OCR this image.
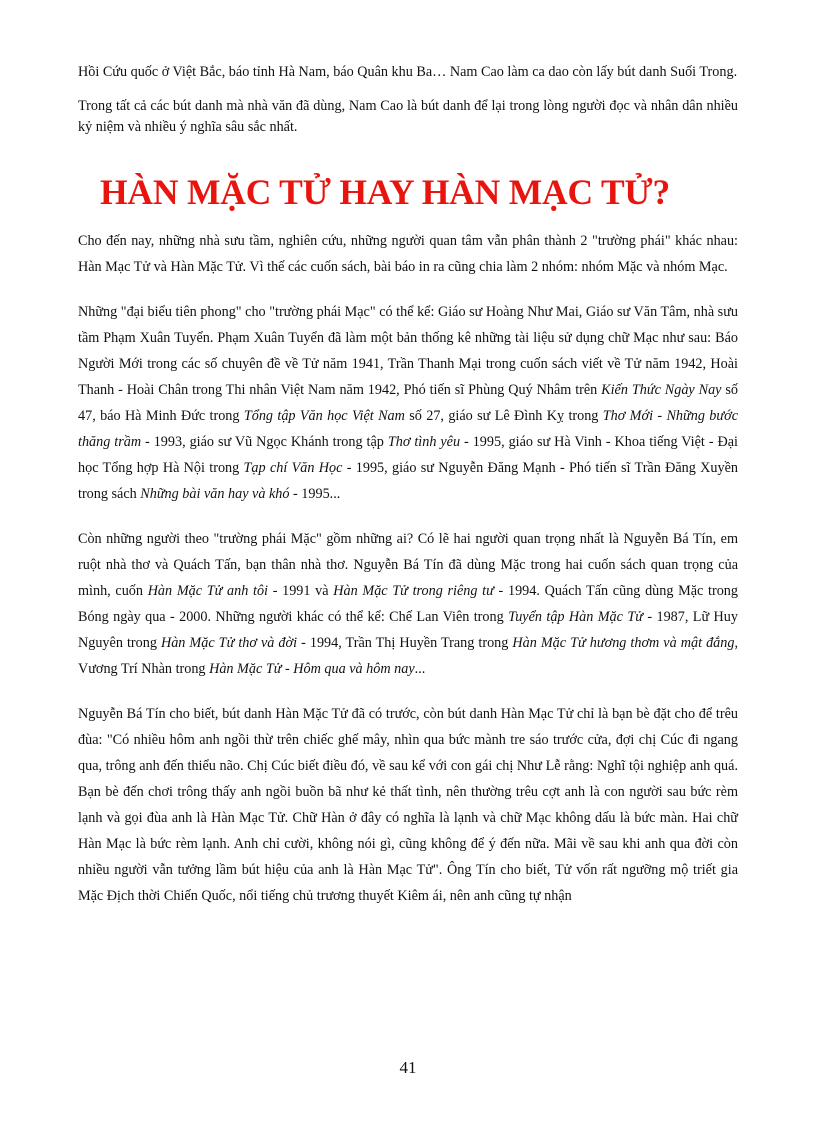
Hồi Cứu quốc ở Việt Bắc, báo tỉnh Hà Nam, báo Quân khu Ba… Nam Cao làm ca dao còn lấy bút danh Suối Trong.

Trong tất cả các bút danh mà nhà văn đã dùng, Nam Cao là bút danh để lại trong lòng người đọc và nhân dân nhiều kỷ niệm và nhiều ý nghĩa sâu sắc nhất.

HÀN MẶC TỬ HAY HÀN MẠC TỬ?

Cho đến nay, những nhà sưu tầm, nghiên cứu, những người quan tâm vẫn phân thành 2 "trường phái" khác nhau: Hàn Mạc Tử và Hàn Mặc Tử. Vì thế các cuốn sách, bài báo in ra cũng chia làm 2 nhóm: nhóm Mặc và nhóm Mạc.

Những "đại biểu tiên phong" cho "trường phái Mạc" có thể kể: Giáo sư Hoàng Như Mai, Giáo sư Văn Tâm, nhà sưu tầm Phạm Xuân Tuyển. Phạm Xuân Tuyển đã làm một bản thống kê những tài liệu sử dụng chữ Mạc như sau: Báo Người Mới trong các số chuyên đề về Tử năm 1941, Trần Thanh Mại trong cuốn sách viết về Tử năm 1942, Hoài Thanh - Hoài Chân trong Thi nhân Việt Nam năm 1942, Phó tiến sĩ Phùng Quý Nhâm trên Kiến Thức Ngày Nay số 47, báo Hà Minh Đức trong Tổng tập Văn học Việt Nam số 27, giáo sư Lê Đình Kỵ trong Thơ Mới - Những bước thăng trầm - 1993, giáo sư Vũ Ngọc Khánh trong tập Thơ tình yêu - 1995, giáo sư Hà Vinh - Khoa tiếng Việt - Đại học Tổng hợp Hà Nội trong Tạp chí Văn Học - 1995, giáo sư Nguyễn Đăng Mạnh - Phó tiến sĩ Trần Đăng Xuyền trong sách Những bài văn hay và khó - 1995...

Còn những người theo "trường phái Mặc" gồm những ai? Có lẽ hai người quan trọng nhất là Nguyễn Bá Tín, em ruột nhà thơ và Quách Tấn, bạn thân nhà thơ. Nguyễn Bá Tín đã dùng Mặc trong hai cuốn sách quan trọng của mình, cuốn Hàn Mặc Tử anh tôi - 1991 và Hàn Mặc Tử trong riêng tư - 1994. Quách Tấn cũng dùng Mặc trong Bóng ngày qua - 2000. Những người khác có thể kể: Chế Lan Viên trong Tuyển tập Hàn Mặc Tử - 1987, Lữ Huy Nguyên trong Hàn Mặc Tử thơ và đời - 1994, Trần Thị Huyền Trang trong Hàn Mặc Tử hương thơm và mật đắng, Vương Trí Nhàn trong Hàn Mặc Tử - Hôm qua và hôm nay...

Nguyễn Bá Tín cho biết, bút danh Hàn Mặc Tử đã có trước, còn bút danh Hàn Mạc Tử chỉ là bạn bè đặt cho để trêu đùa: "Có nhiều hôm anh ngồi thừ trên chiếc ghế mây, nhìn qua bức mành tre sáo trước cửa, đợi chị Cúc đi ngang qua, trông anh đến thiểu não. Chị Cúc biết điều đó, về sau kể với con gái chị Như Lễ rằng: Nghĩ tội nghiệp anh quá. Bạn bè đến chơi trông thấy anh ngồi buồn bã như kẻ thất tình, nên thường trêu cợt anh là con người sau bức rèm lạnh và gọi đùa anh là Hàn Mạc Tử. Chữ Hàn ở đây có nghĩa là lạnh và chữ Mạc không dấu là bức màn. Hai chữ Hàn Mạc là bức rèm lạnh. Anh chỉ cười, không nói gì, cũng không để ý đến nữa. Mãi về sau khi anh qua đời còn nhiều người vẫn tưởng lầm bút hiệu của anh là Hàn Mạc Tử". Ông Tín cho biết, Tử vốn rất ngưỡng mộ triết gia Mặc Địch thời Chiến Quốc, nổi tiếng chủ trương thuyết Kiêm ái, nên anh cũng tự nhận

41
